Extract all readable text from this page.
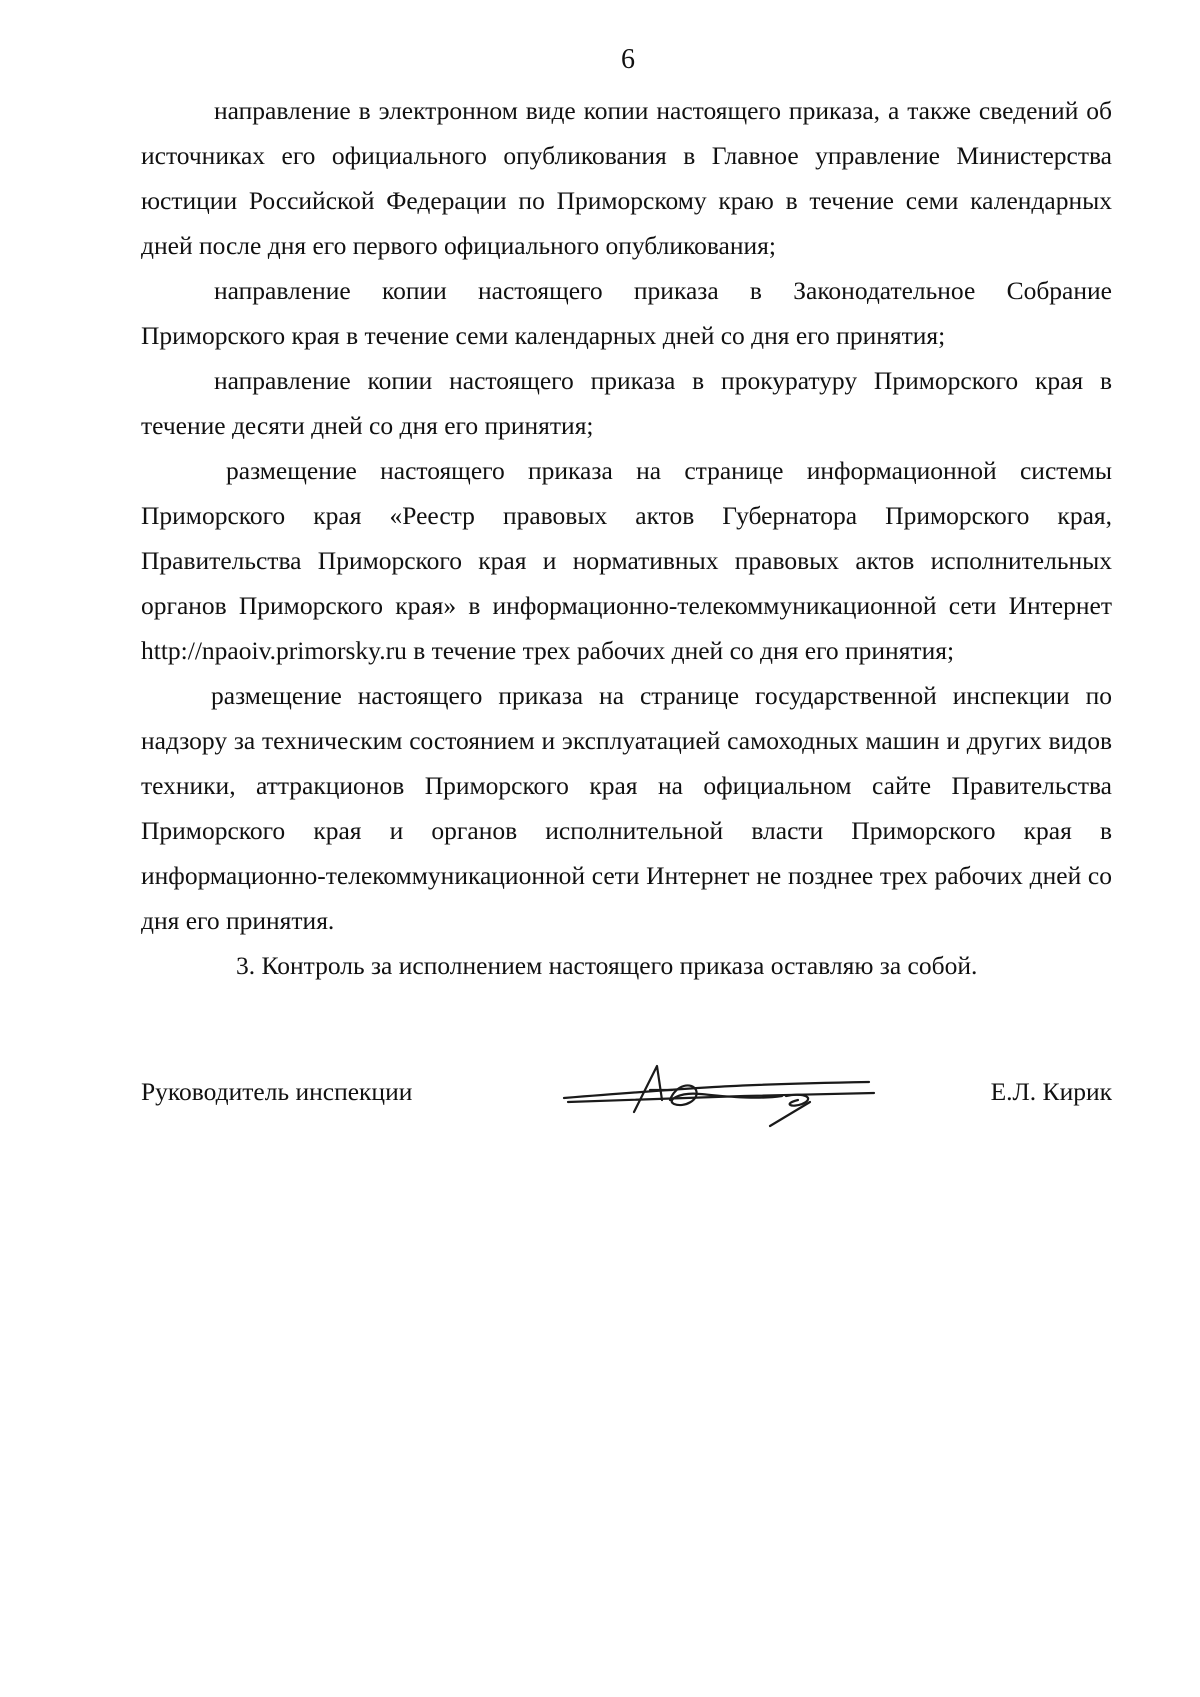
6

направление в электронном виде копии настоящего приказа, а также сведений об источниках его официального опубликования в Главное управление Министерства юстиции Российской Федерации по Приморскому краю в течение семи календарных дней после дня его первого официального опубликования;

направление копии настоящего приказа в Законодательное Собрание Приморского края в течение семи календарных дней со дня его принятия;

направление копии настоящего приказа в прокуратуру Приморского края в течение десяти дней со дня его принятия;

размещение настоящего приказа на странице информационной системы Приморского края «Реестр правовых актов Губернатора Приморского края, Правительства Приморского края и нормативных правовых актов исполнительных органов Приморского края» в информационно-телекоммуникационной сети Интернет http://npaoiv.primorsky.ru в течение трех рабочих дней со дня его принятия;

размещение настоящего приказа на странице государственной инспекции по надзору за техническим состоянием и эксплуатацией самоходных машин и других видов техники, аттракционов Приморского края на официальном сайте Правительства Приморского края и органов исполнительной власти Приморского края в информационно-телекоммуникационной сети Интернет не позднее трех рабочих дней со дня его принятия.

3. Контроль за исполнением настоящего приказа оставляю за собой.

Руководитель инспекции	Е.Л. Кирик
